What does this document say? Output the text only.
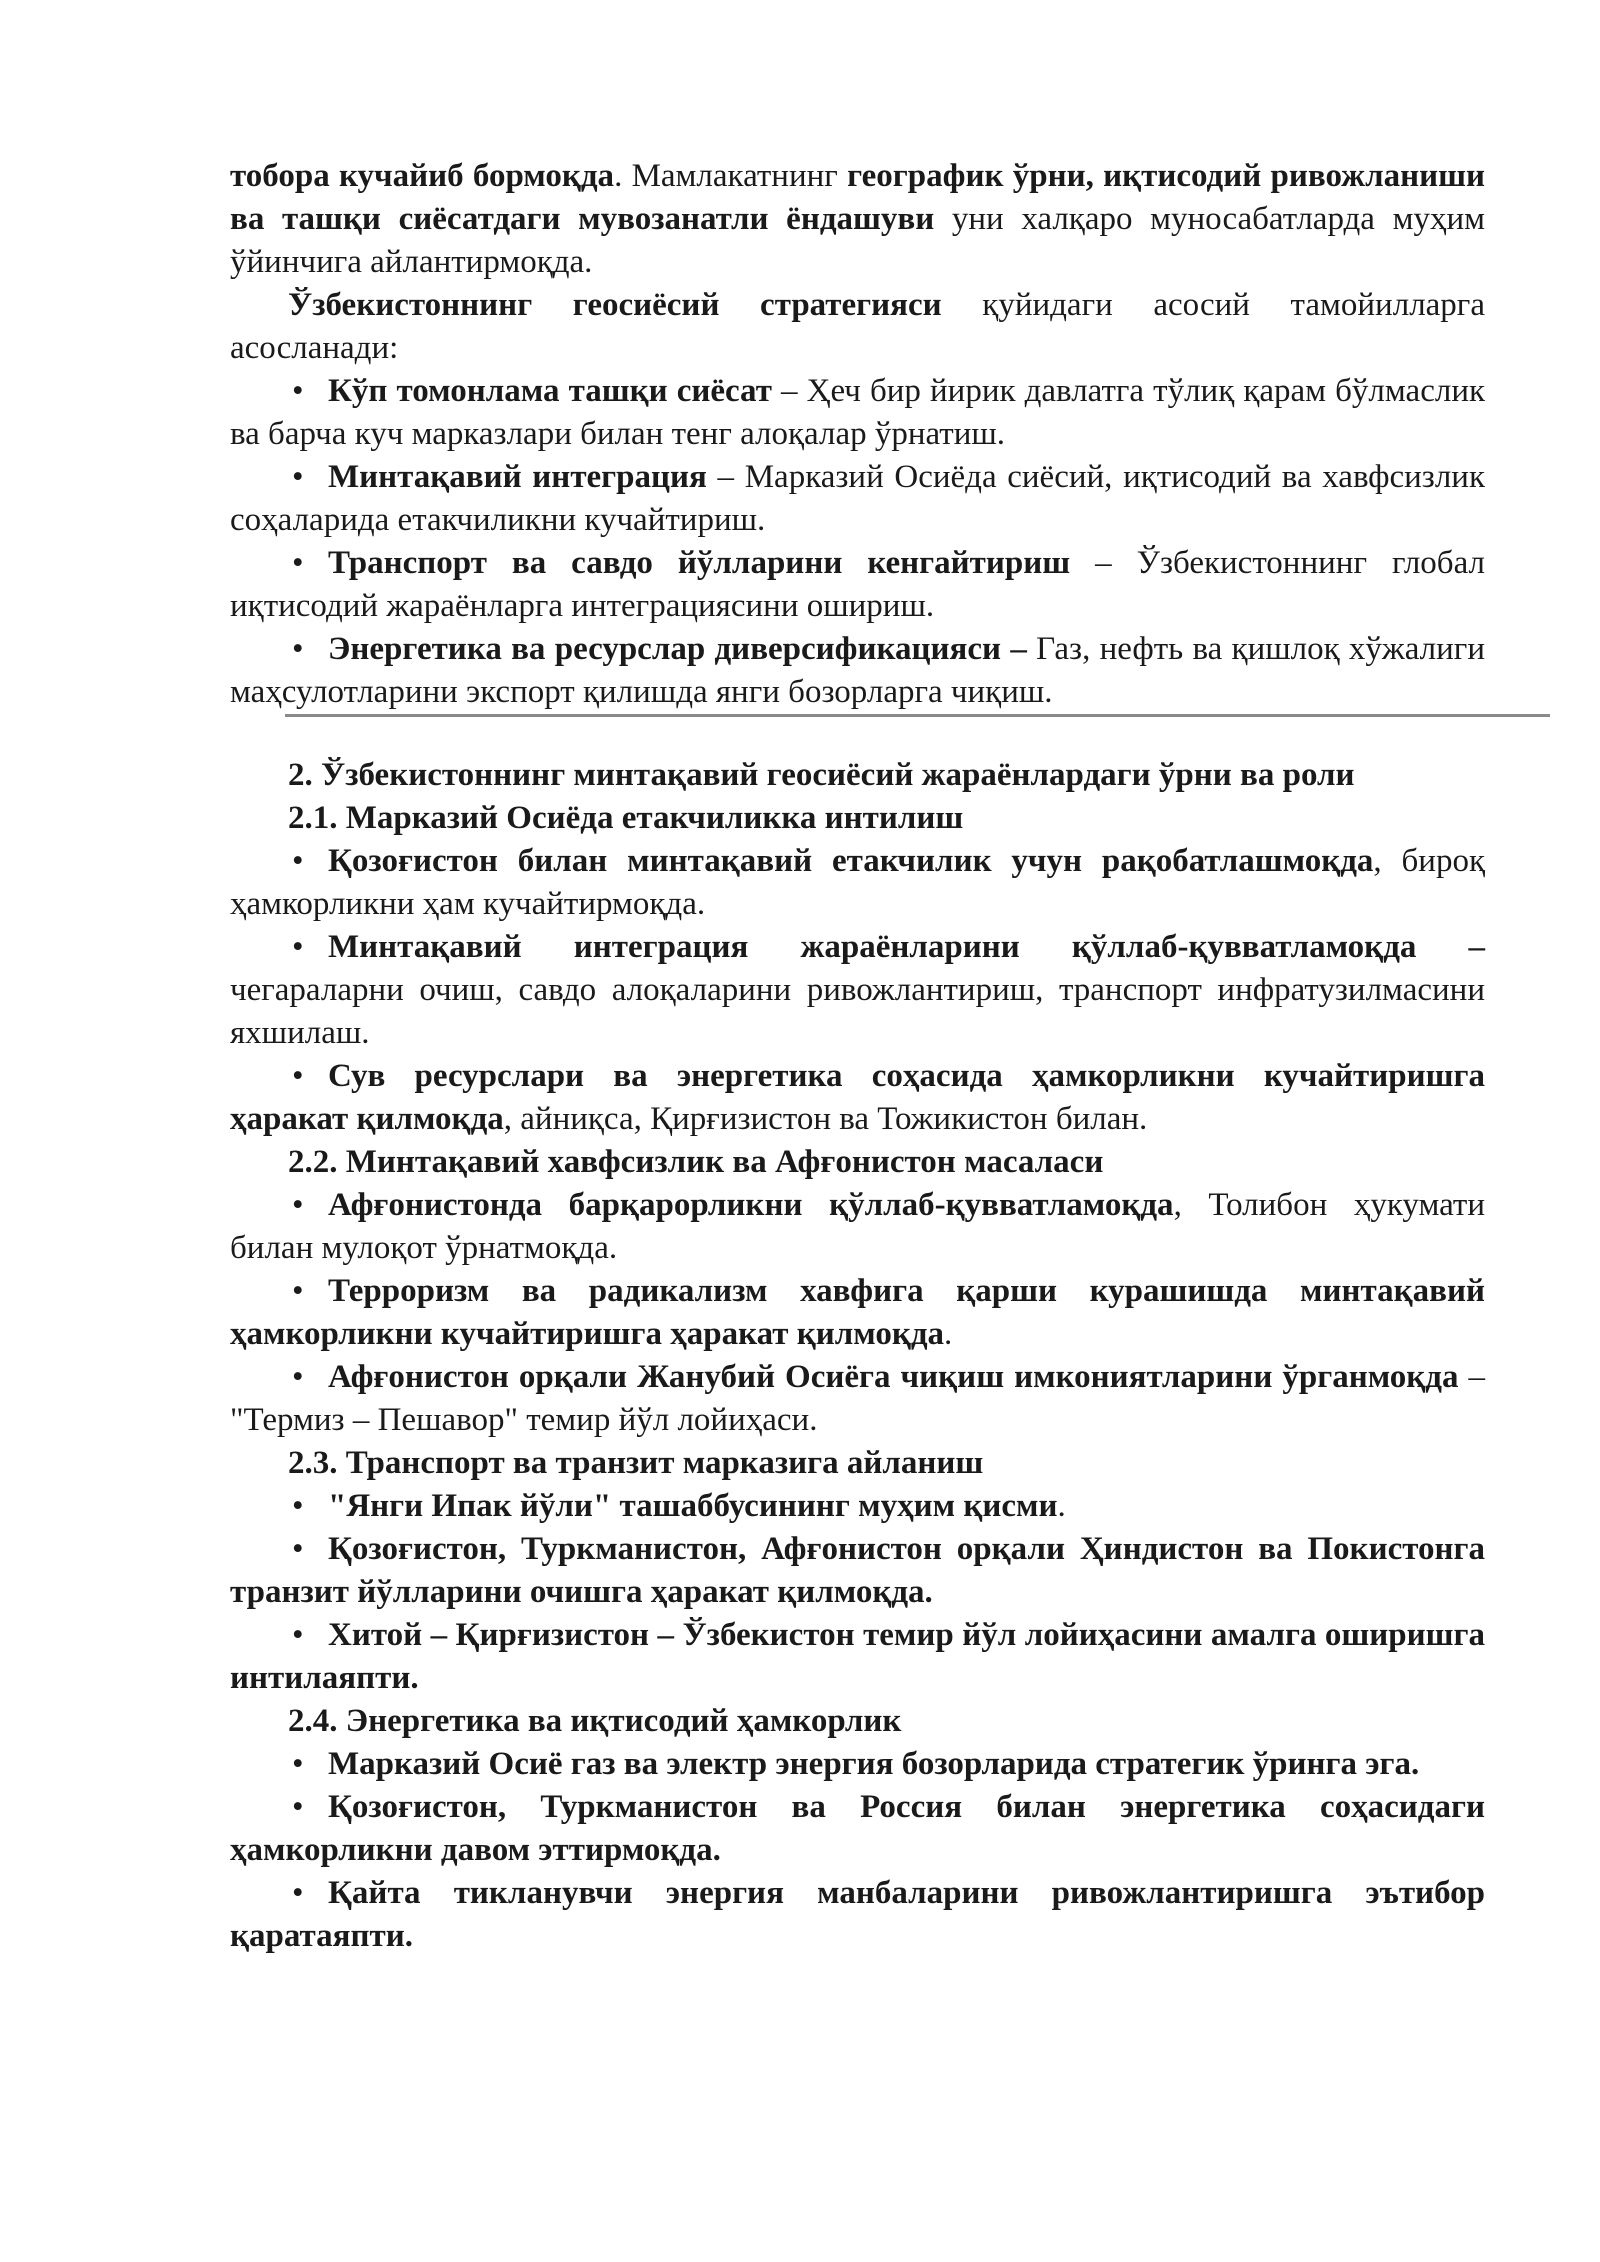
тобора кучайиб бормоқда. Мамлакатнинг географик ўрни, иқтисодий ривожланиши ва ташқи сиёсатдаги мувозанатли ёндашуви уни халқаро муносабатларда муҳим ўйинчига айлантирмоқда.

Ўзбекистоннинг геосиёсий стратегияси қуйидаги асосий тамойилларга асосланади:

• Кўп томонлама ташқи сиёсат – Ҳеч бир йирик давлатга тўлиқ қарам бўлмаслик ва барча куч марказлари билан тенг алоқалар ўрнатиш.

• Минтақавий интеграция – Марказий Осиёда сиёсий, иқтисодий ва хавфсизлик соҳаларида етакчиликни кучайтириш.

• Транспорт ва савдо йўлларини кенгайтириш – Ўзбекистоннинг глобал иқтисодий жараёнларга интеграциясини ошириш.

• Энергетика ва ресурслар диверсификацияси – Газ, нефть ва қишлоқ хўжалиги маҳсулотларини экспорт қилишда янги бозорларга чиқиш.

2. Ўзбекистоннинг минтақавий геосиёсий жараёнлардаги ўрни ва роли

2.1. Марказий Осиёда етакчиликка интилиш

• Қозоғистон билан минтақавий етакчилик учун рақобатлашмоқда, бироқ ҳамкорликни ҳам кучайтирмоқда.

• Минтақавий интеграция жараёнларини қўллаб-қувватламоқда – чегараларни очиш, савдо алоқаларини ривожлантириш, транспорт инфратузилмасини яхшилаш.

• Сув ресурслари ва энергетика соҳасида ҳамкорликни кучайтиришга ҳаракат қилмоқда, айниқса, Қирғизистон ва Тожикистон билан.

2.2. Минтақавий хавфсизлик ва Афғонистон масаласи

• Афғонистонда барқарорликни қўллаб-қувватламоқда, Толибон ҳукумати билан мулоқот ўрнатмоқда.

• Терроризм ва радикализм хавфига қарши курашишда минтақавий ҳамкорликни кучайтиришга ҳаракат қилмоқда.

• Афғонистон орқали Жанубий Осиёга чиқиш имкониятларини ўрганмоқда – "Термиз – Пешавор" темир йўл лойиҳаси.

2.3. Транспорт ва транзит марказига айланиш

• "Янги Ипак йўли" ташаббусининг муҳим қисми.

• Қозоғистон, Туркманистон, Афғонистон орқали Ҳиндистон ва Покистонга транзит йўлларини очишга ҳаракат қилмоқда.

• Хитой – Қирғизистон – Ўзбекистон темир йўл лойиҳасини амалга оширишга интилаяпти.

2.4. Энергетика ва иқтисодий ҳамкорлик

• Марказий Осиё газ ва электр энергия бозорларида стратегик ўринга эга.

• Қозоғистон, Туркманистон ва Россия билан энергетика соҳасидаги ҳамкорликни давом эттирмоқда.

• Қайта тикланувчи энергия манбаларини ривожлантиришга эътибор қаратаяпти.
